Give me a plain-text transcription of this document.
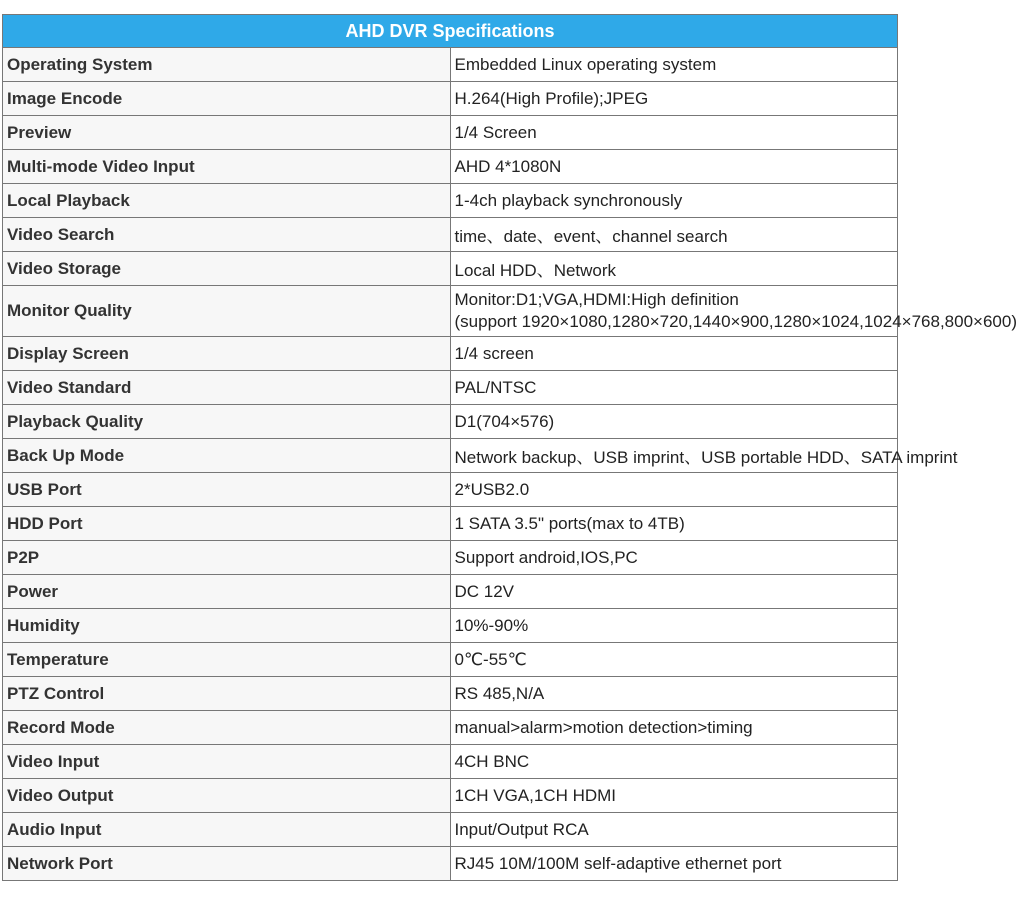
AHD DVR Specifications	
Operating System	Embedded Linux operating system
Image Encode	H.264(High Profile);JPEG
Preview	1/4 Screen
Multi-mode Video Input	AHD 4*1080N
Local Playback	1-4ch playback synchronously
Video Search	time、date、event、channel search
Video Storage	Local HDD、Network
Monitor Quality	Monitor:D1;VGA,HDMI:High definition
(support 1920×1080,1280×720,1440×900,1280×1024,1024×768,800×600)

Display Screen	1/4 screen
Video Standard	PAL/NTSC
Playback Quality	D1(704×576)
Back Up Mode	Network backup、USB imprint、USB portable HDD、SATA imprint
USB Port	2*USB2.0
HDD Port	1 SATA 3.5" ports(max to 4TB)
P2P	Support android,IOS,PC
Power	DC 12V
Humidity	10%-90%
Temperature	0℃-55℃
PTZ Control	RS 485,N/A
Record Mode	manual>alarm>motion detection>timing
Video Input	4CH BNC
Video Output	1CH VGA,1CH HDMI
Audio Input	Input/Output RCA
Network Port	RJ45 10M/100M self-adaptive ethernet port
